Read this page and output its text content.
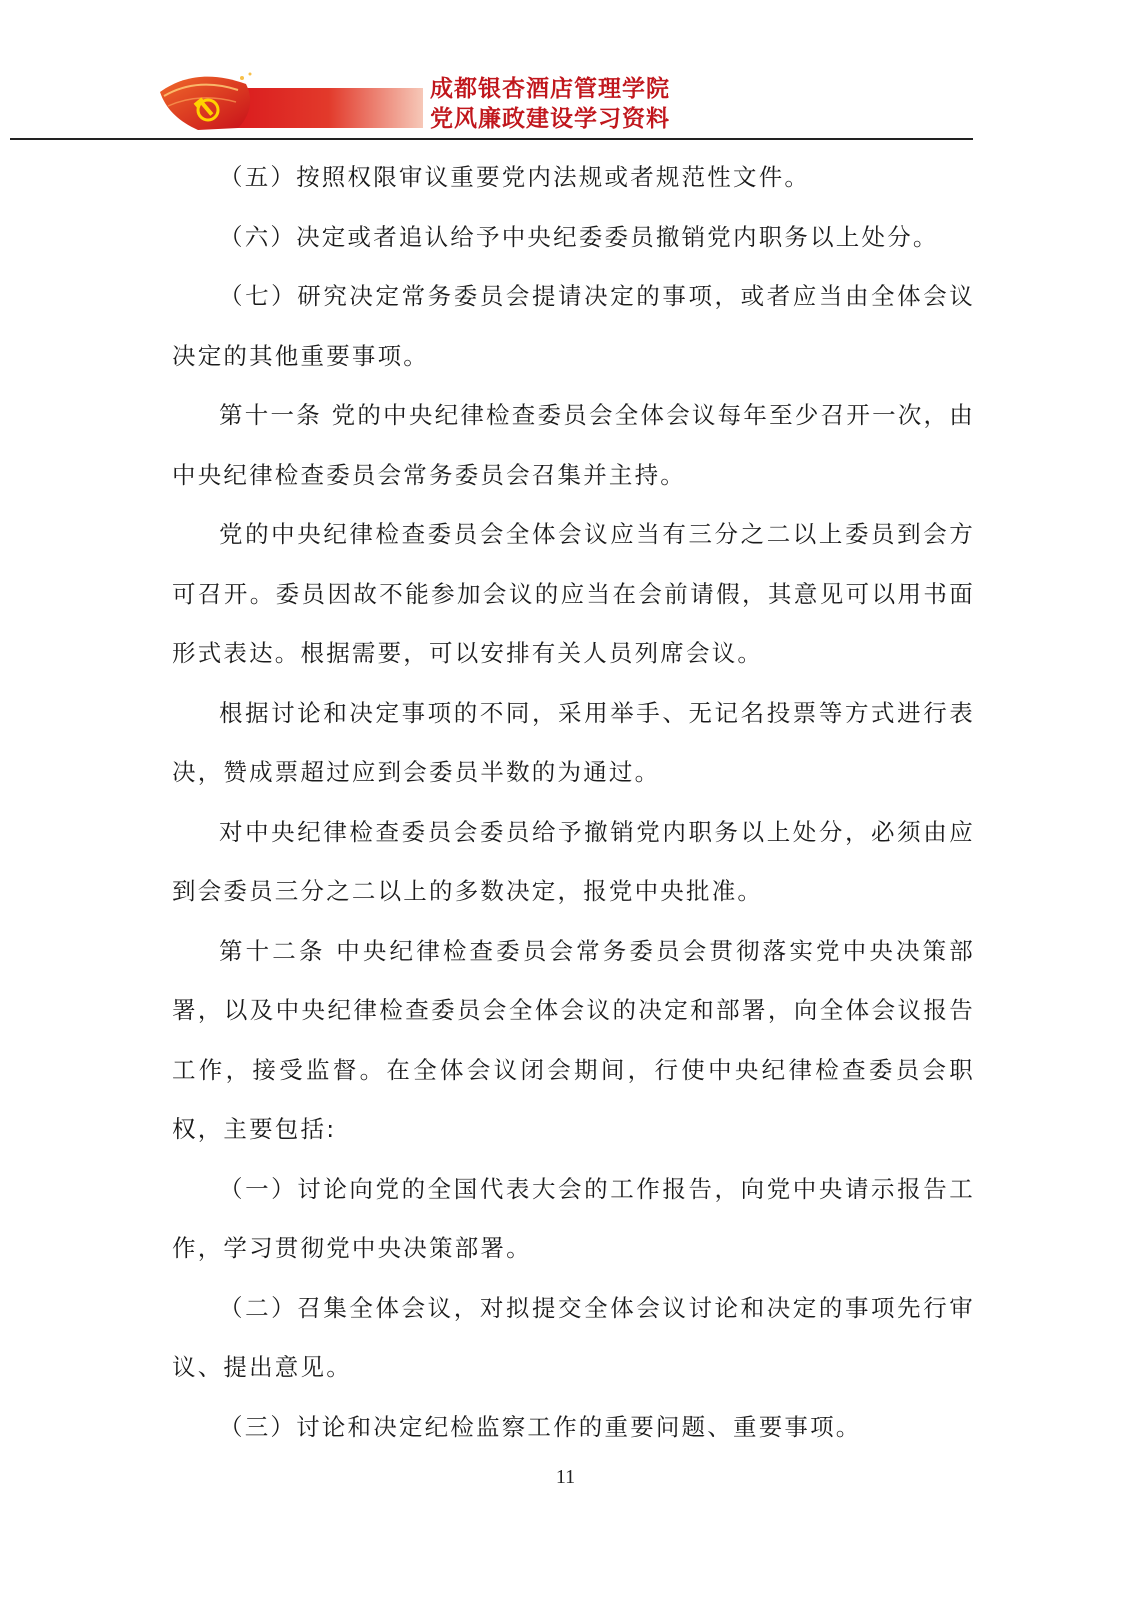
成都银杏酒店管理学院
党风廉政建设学习资料

（五）按照权限审议重要党内法规或者规范性文件。

（六）决定或者追认给予中央纪委委员撤销党内职务以上处分。

（七）研究决定常务委员会提请决定的事项，或者应当由全体会议决定的其他重要事项。

第十一条 党的中央纪律检查委员会全体会议每年至少召开一次，由中央纪律检查委员会常务委员会召集并主持。

党的中央纪律检查委员会全体会议应当有三分之二以上委员到会方可召开。委员因故不能参加会议的应当在会前请假，其意见可以用书面形式表达。根据需要，可以安排有关人员列席会议。

根据讨论和决定事项的不同，采用举手、无记名投票等方式进行表决，赞成票超过应到会委员半数的为通过。

对中央纪律检查委员会委员给予撤销党内职务以上处分，必须由应到会委员三分之二以上的多数决定，报党中央批准。

第十二条 中央纪律检查委员会常务委员会贯彻落实党中央决策部署，以及中央纪律检查委员会全体会议的决定和部署，向全体会议报告工作，接受监督。在全体会议闭会期间，行使中央纪律检查委员会职权，主要包括:

（一）讨论向党的全国代表大会的工作报告，向党中央请示报告工作，学习贯彻党中央决策部署。

（二）召集全体会议，对拟提交全体会议讨论和决定的事项先行审议、提出意见。

（三）讨论和决定纪检监察工作的重要问题、重要事项。

11
